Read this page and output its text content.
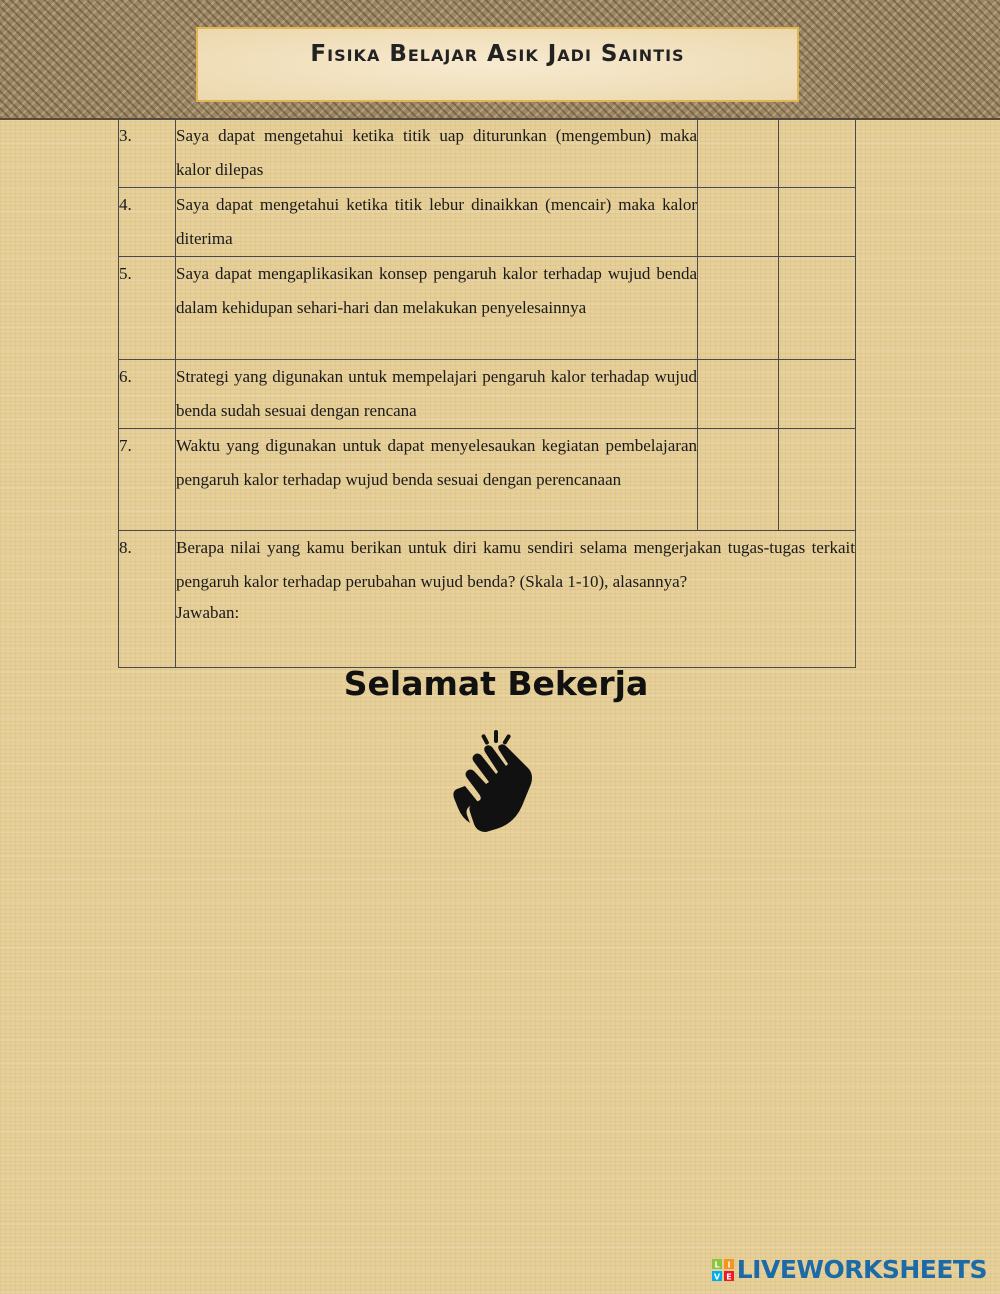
Fisika Belajar Asik Jadi Saintis
3.	Saya dapat mengetahui ketika titik uap diturunkan (mengembun) maka kalor dilepas		
4.	Saya dapat mengetahui ketika titik lebur dinaikkan (mencair) maka kalor diterima		
5.	Saya dapat mengaplikasikan konsep pengaruh kalor terhadap wujud benda dalam kehidupan sehari-hari dan melakukan penyelesainnya		
6.	Strategi yang digunakan untuk mempelajari pengaruh kalor terhadap wujud benda sudah sesuai dengan rencana		
7.	Waktu yang digunakan untuk dapat menyelesaukan kegiatan pembelajaran pengaruh kalor terhadap wujud benda sesuai dengan perencanaan		
8.	Berapa nilai yang kamu berikan untuk diri kamu sendiri selama mengerjakan tugas-tugas terkait pengaruh kalor terhadap perubahan wujud benda? (Skala 1-10), alasannya?
Jawaban:		
Selamat Bekerja
L I
V E LIVEWORKSHEETS
